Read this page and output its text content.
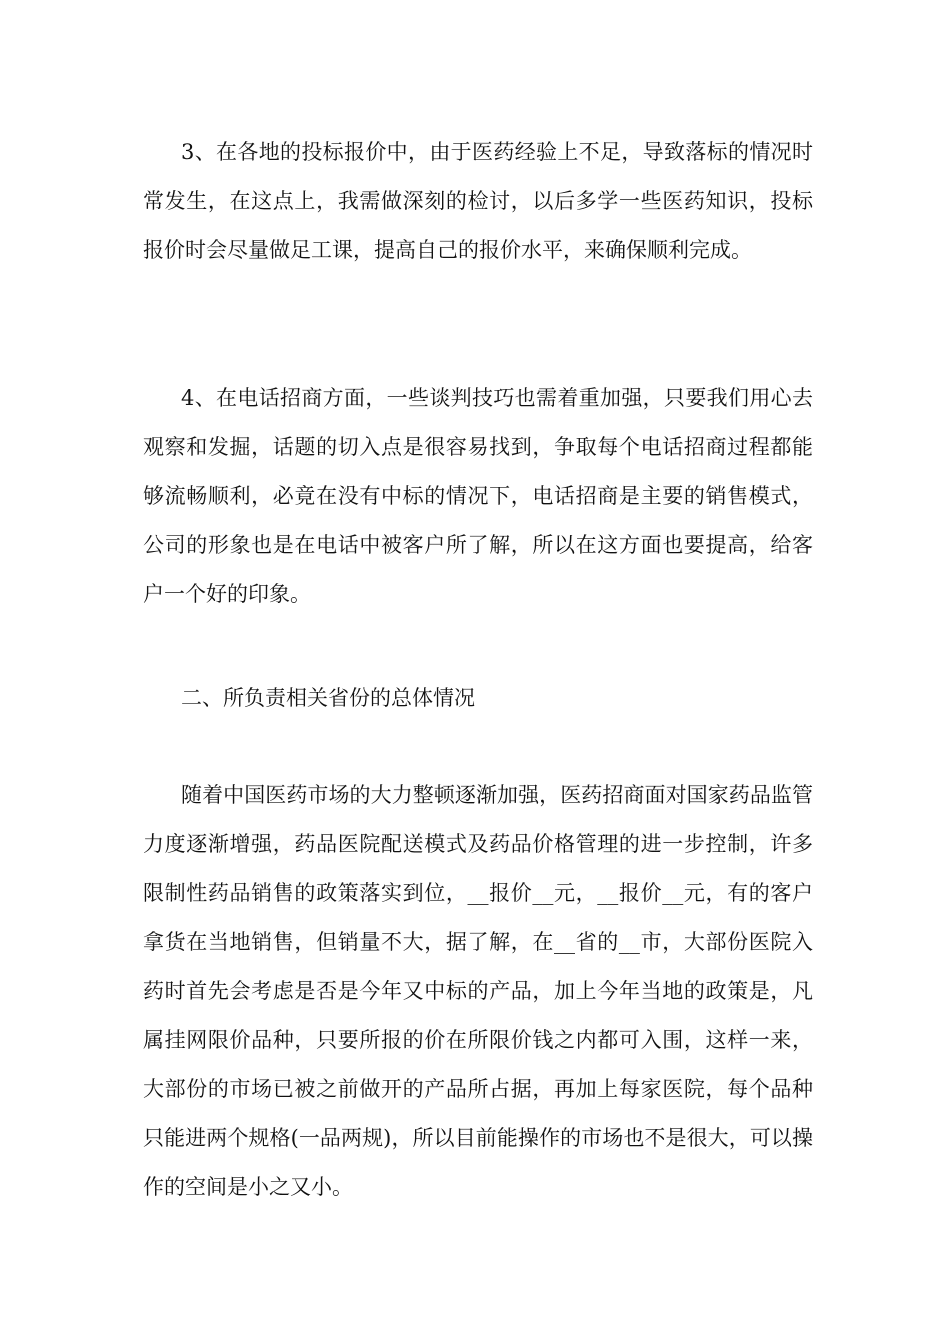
3、在各地的投标报价中，由于医药经验上不足，导致落标的情况时常发生，在这点上，我需做深刻的检讨，以后多学一些医药知识，投标报价时会尽量做足工课，提高自己的报价水平，来确保顺利完成。

4、在电话招商方面，一些谈判技巧也需着重加强，只要我们用心去观察和发掘，话题的切入点是很容易找到，争取每个电话招商过程都能够流畅顺利，必竟在没有中标的情况下，电话招商是主要的销售模式，公司的形象也是在电话中被客户所了解，所以在这方面也要提高，给客户一个好的印象。

二、所负责相关省份的总体情况

随着中国医药市场的大力整顿逐渐加强，医药招商面对国家药品监管力度逐渐增强，药品医院配送模式及药品价格管理的进一步控制，许多限制性药品销售的政策落实到位，__报价__元，__报价__元，有的客户拿货在当地销售，但销量不大，据了解，在__省的__市，大部份医院入药时首先会考虑是否是今年又中标的产品，加上今年当地的政策是，凡属挂网限价品种，只要所报的价在所限价钱之内都可入围，这样一来，大部份的市场已被之前做开的产品所占据，再加上每家医院，每个品种只能进两个规格(一品两规)，所以目前能操作的市场也不是很大，可以操作的空间是小之又小。
